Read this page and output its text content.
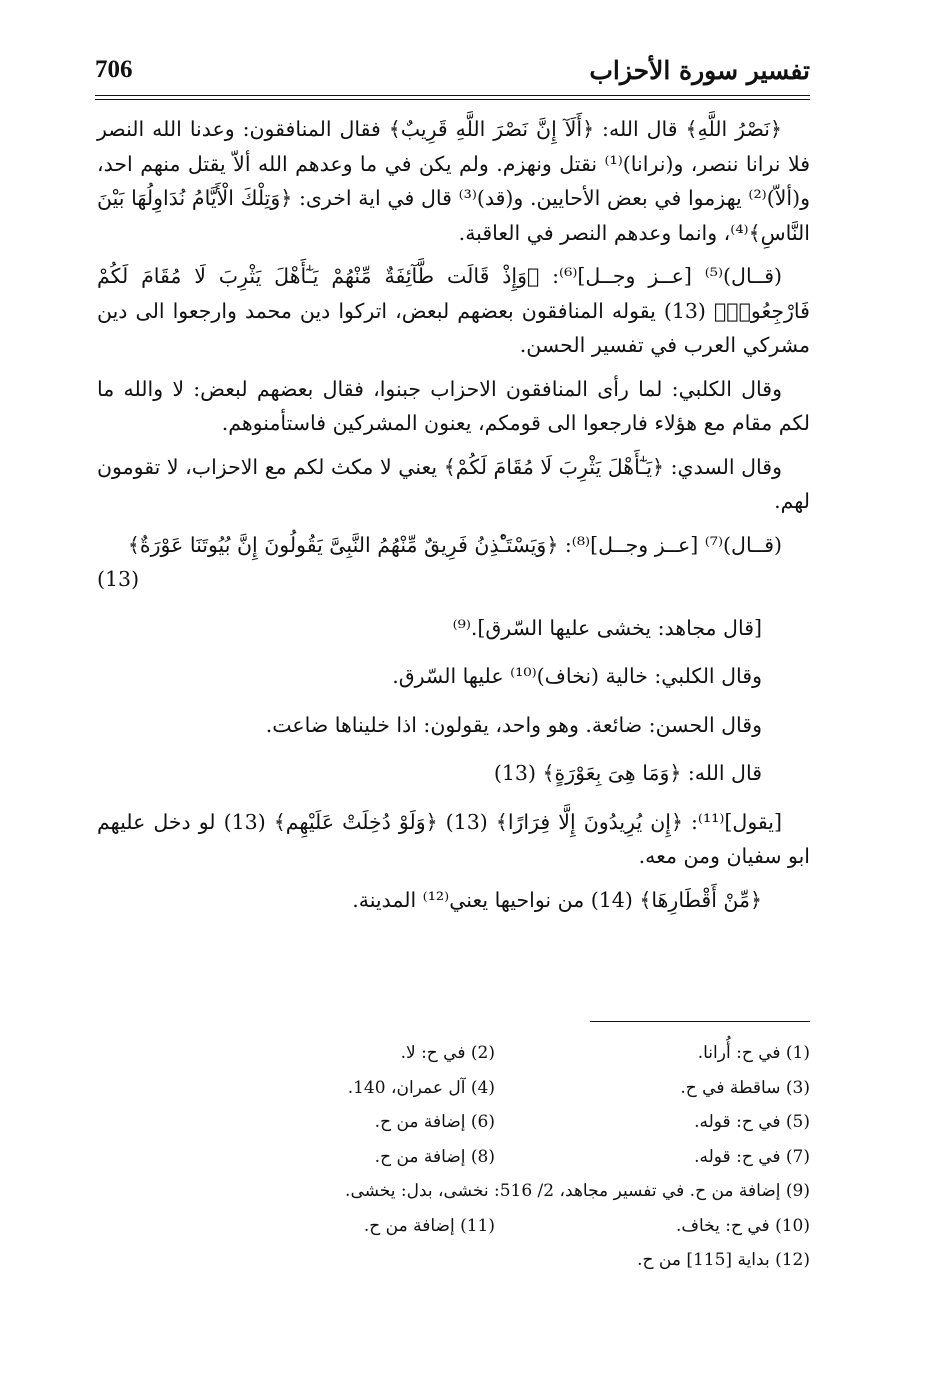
706	تفسير سورة الأحزاب

﴿نَصْرُ اللَّهِ﴾ قال الله: ﴿أَلَآ إِنَّ نَصْرَ اللَّهِ قَرِيبٌ﴾ فقال المنافقون: وعدنا الله النصر فلا نرانا ننصر، و(نرانا)⁽¹⁾ نقتل ونهزم. ولم يكن في ما وعدهم الله ألاّ يقتل منهم احد، و(ألاّ)⁽²⁾ يهزموا في بعض الأحايين. و(قد)⁽³⁾ قال في اية اخرى: ﴿وَتِلْكَ الْأَيَّامُ نُدَاوِلُهَا بَيْنَ النَّاسِ﴾⁽⁴⁾، وانما وعدهم النصر في العاقبة.

(قــال)⁽⁵⁾ [عــز وجــل]⁽⁶⁾: ﴿وَإِذْ قَالَت طَّآئِفَةٌ مِّنْهُمْ يَـٰٓأَهْلَ يَثْرِبَ لَا مُقَامَ لَكُمْ فَارْجِعُوا۟﴾ (13) يقوله المنافقون بعضهم لبعض، اتركوا دين محمد وارجعوا الى دين مشركي العرب في تفسير الحسن.

وقال الكلبي: لما رأى المنافقون الاحزاب جبنوا، فقال بعضهم لبعض: لا والله ما لكم مقام مع هؤلاء فارجعوا الى قومكم، يعنون المشركين فاستأمنوهم.

وقال السدي: ﴿يَـٰٓأَهْلَ يَثْرِبَ لَا مُقَامَ لَكُمْ﴾ يعني لا مكث لكم مع الاحزاب، لا تقومون لهم.

(قــال)⁽⁷⁾ [عــز وجــل]⁽⁸⁾: ﴿وَيَسْتَـْٔذِنُ فَرِيقٌ مِّنْهُمُ النَّبِىَّ يَقُولُونَ إِنَّ بُيُوتَنَا عَوْرَةٌ﴾

(13)

[قال مجاهد: يخشى عليها السّرق].⁽⁹⁾

وقال الكلبي: خالية (نخاف)⁽¹⁰⁾ عليها السّرق.

وقال الحسن: ضائعة. وهو واحد، يقولون: اذا خليناها ضاعت.

قال الله: ﴿وَمَا هِىَ بِعَوْرَةٍ﴾ (13)

[يقول]⁽¹¹⁾: ﴿إِن يُرِيدُونَ إِلَّا فِرَارًا﴾ (13) ﴿وَلَوْ دُخِلَتْ عَلَيْهِم﴾ (13) لو دخل عليهم ابو سفيان ومن معه.

﴿مِّنْ أَقْطَارِهَا﴾ (14) من نواحيها يعني⁽¹²⁾ المدينة.

(1) في ح: أُرانا.
(2) في ح: لا.
(3) ساقطة في ح.
(4) آل عمران، 140.
(5) في ح: قوله.
(6) إضافة من ح.
(7) في ح: قوله.
(8) إضافة من ح.
(9) إضافة من ح. في تفسير مجاهد، 2/ 516: نخشى، بدل: يخشى.
(10) في ح: يخاف.
(11) إضافة من ح.
(12) بداية [115] من ح.
